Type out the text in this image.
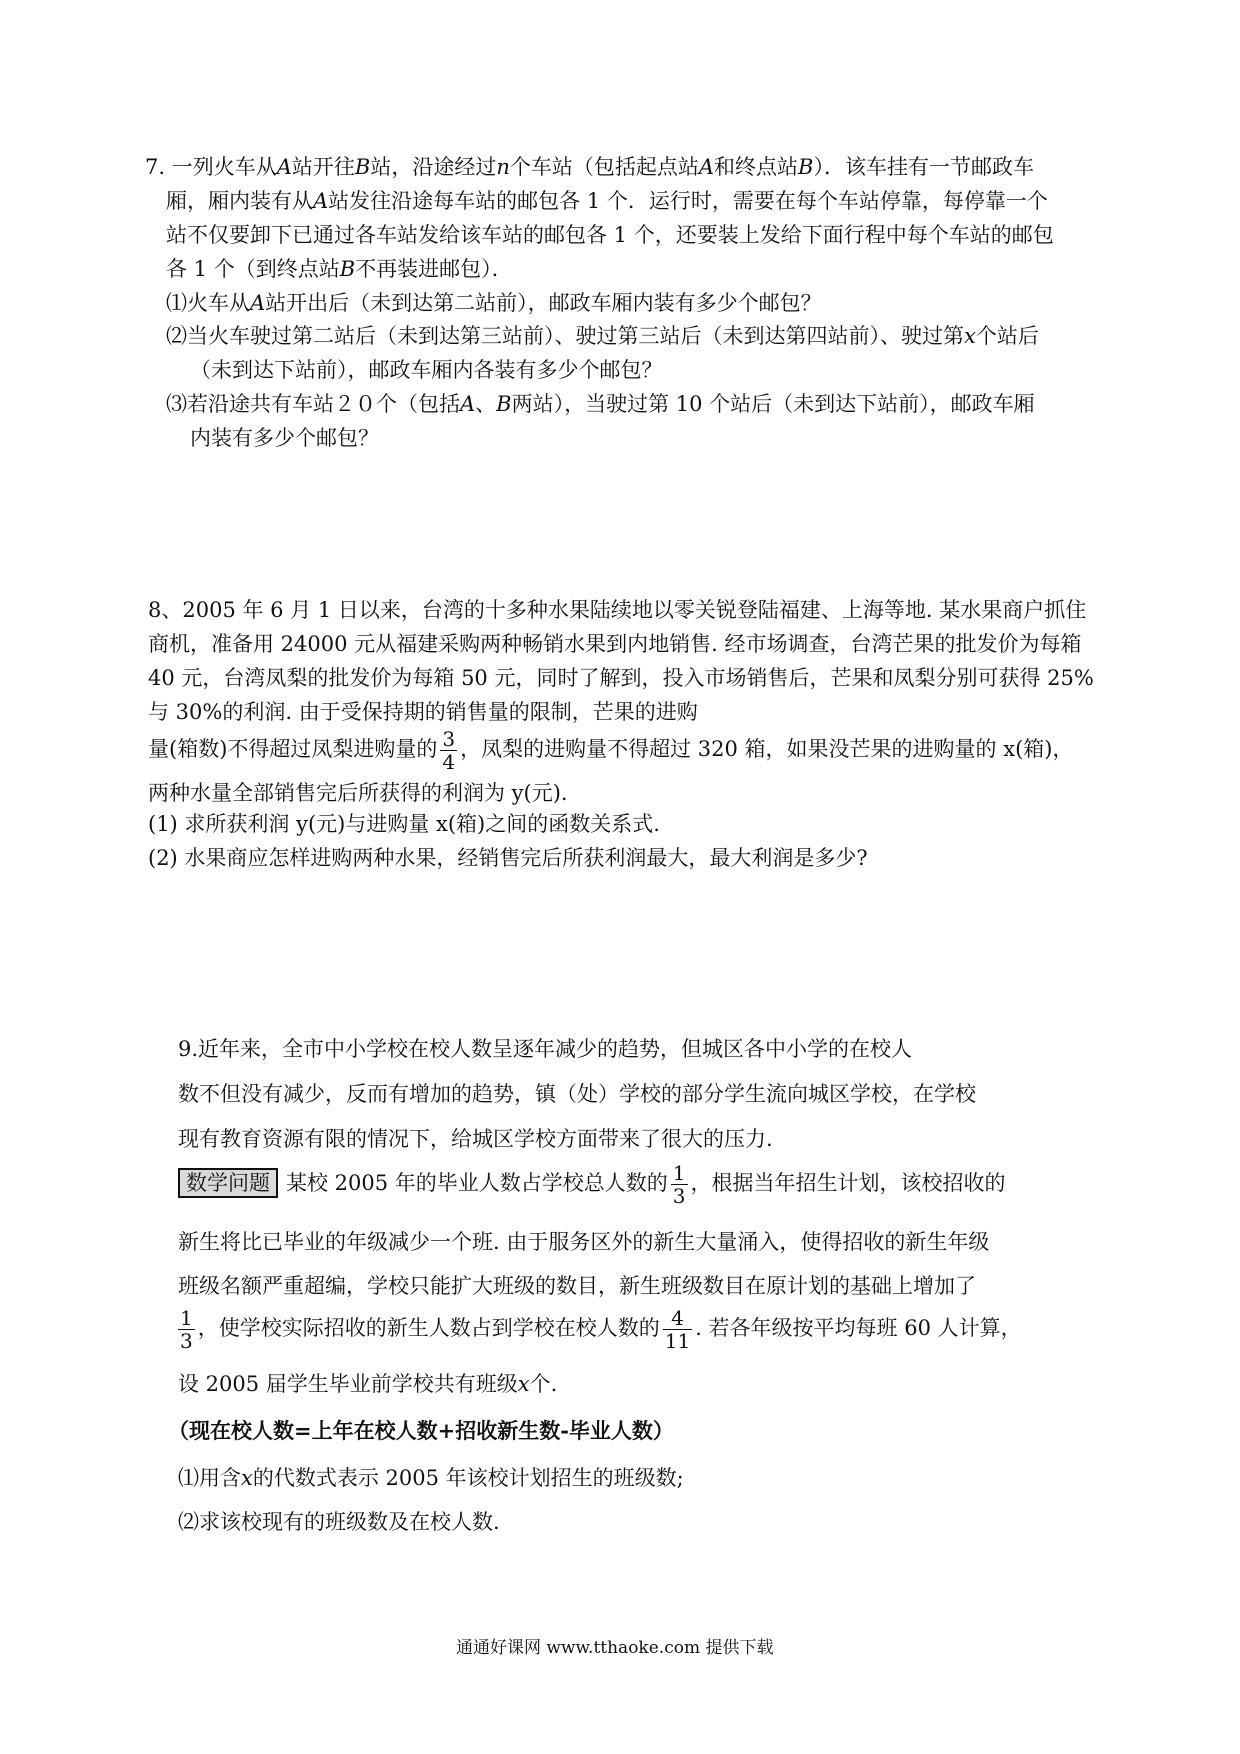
7. 一列火车从A站开往B站，沿途经过n个车站（包括起点站A和终点站B）．该车挂有一节邮政车
厢，厢内装有从A站发往沿途每车站的邮包各 1 个．运行时，需要在每个车站停靠，每停靠一个
站不仅要卸下已通过各车站发给该车站的邮包各 1 个，还要装上发给下面行程中每个车站的邮包
各 1 个（到终点站B不再装进邮包）．
⑴火车从A站开出后（未到达第二站前），邮政车厢内装有多少个邮包？
⑵当火车驶过第二站后（未到达第三站前）、驶过第三站后（未到达第四站前）、驶过第x个站后
（未到达下站前），邮政车厢内各装有多少个邮包？
⑶若沿途共有车站２０个（包括A、B两站），当驶过第 10 个站后（未到达下站前），邮政车厢
内装有多少个邮包？
8、2005 年 6 月 1 日以来，台湾的十多种水果陆续地以零关锐登陆福建、上海等地. 某水果商户抓住
商机，准备用 24000 元从福建采购两种畅销水果到内地销售. 经市场调查，台湾芒果的批发价为每箱
40 元，台湾凤梨的批发价为每箱 50 元，同时了解到，投入市场销售后，芒果和凤梨分别可获得 25%
与 30%的利润. 由于受保持期的销售量的限制，芒果的进购
量(箱数)不得超过凤梨进购量的 $\frac{3}{4}$ ，凤梨的进购量不得超过 320 箱，如果没芒果的进购量的 x(箱)，
两种水量全部销售完后所获得的利润为 y(元).
(1) 求所获利润 y(元)与进购量 x(箱)之间的函数关系式.
(2) 水果商应怎样进购两种水果，经销售完后所获利润最大，最大利润是多少?
9.近年来，全市中小学校在校人数呈逐年减少的趋势，但城区各中小学的在校人
数不但没有减少，反而有增加的趋势，镇（处）学校的部分学生流向城区学校，在学校
现有教育资源有限的情况下，给城区学校方面带来了很大的压力.
数学问题 某校 2005 年的毕业人数占学校总人数的 $\frac{1}{3}$ ，根据当年招生计划，该校招收的
新生将比已毕业的年级减少一个班. 由于服务区外的新生大量涌入，使得招收的新生年级
班级名额严重超编，学校只能扩大班级的数目，新生班级数目在原计划的基础上增加了
$\frac{1}{3}$ ，使学校实际招收的新生人数占到学校在校人数的 $\frac{4}{11}$ . 若各年级按平均每班 60 人计算，
设 2005 届学生毕业前学校共有班级x个.
（现在校人数=上年在校人数+招收新生数-毕业人数）
⑴用含x的代数式表示 2005 年该校计划招生的班级数;
⑵求该校现有的班级数及在校人数.
通通好课网 www.tthaoke.com 提供下载
